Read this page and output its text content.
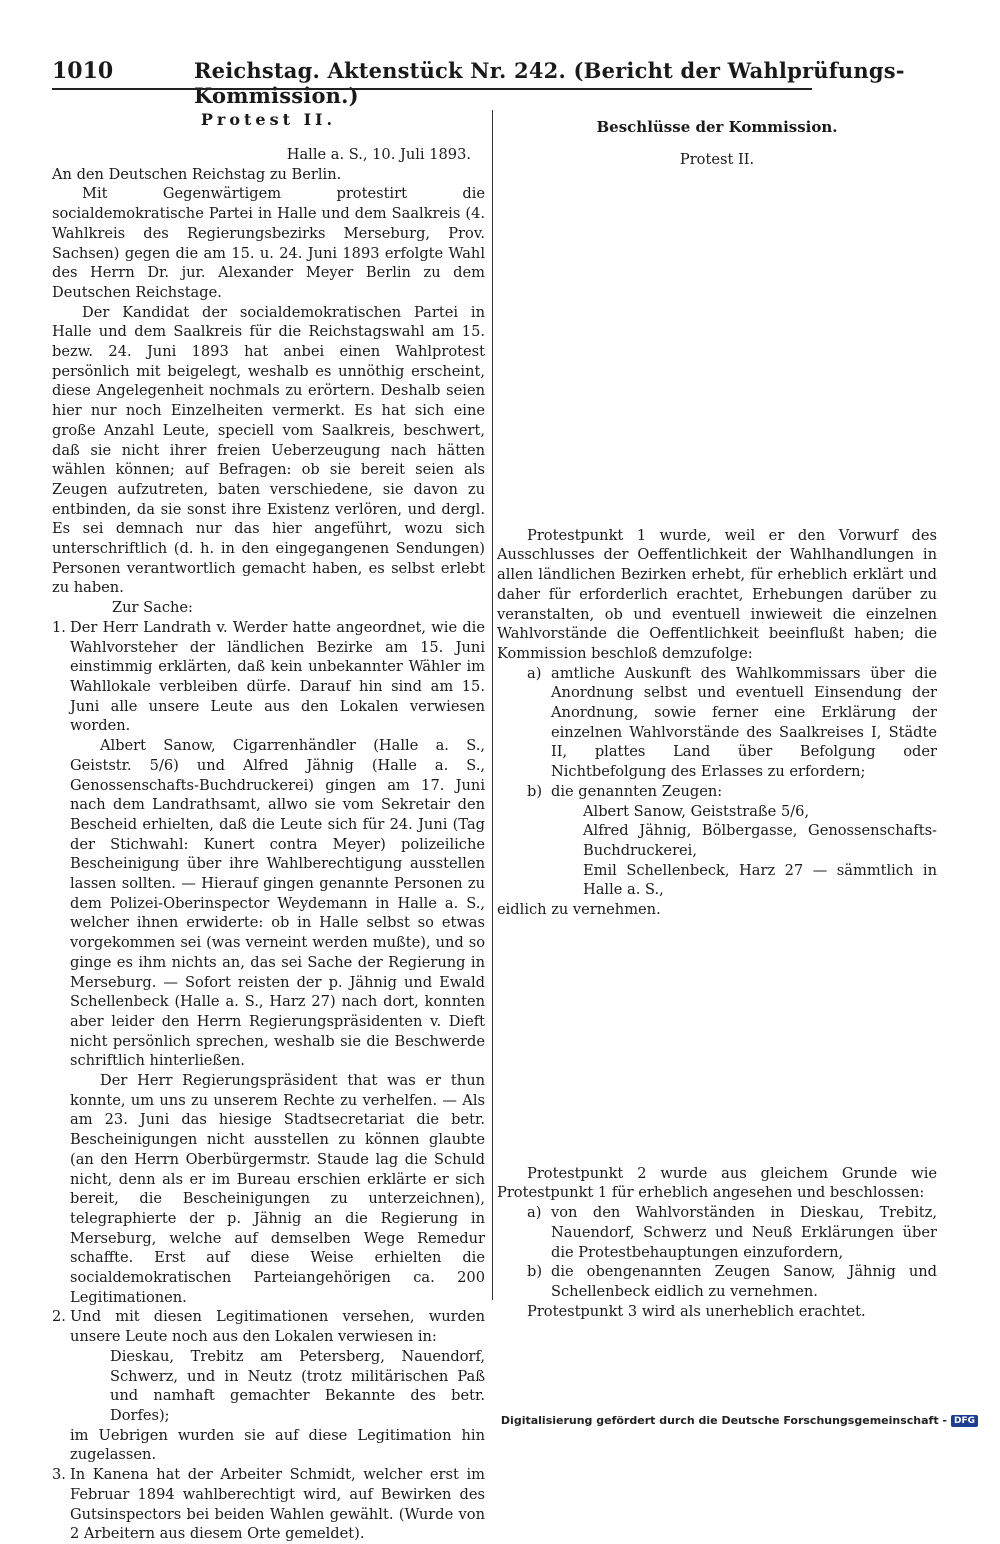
1010	Reichstag. Aktenstück Nr. 242. (Bericht der Wahlprüfungs-Kommission.)

Protest II.

Halle a. S., 10. Juli 1893.

An den Deutschen Reichstag zu Berlin.

Mit Gegenwärtigem protestirt die socialdemokratische Partei in Halle und dem Saalkreis (4. Wahlkreis des Regierungsbezirks Merseburg, Prov. Sachsen) gegen die am 15. u. 24. Juni 1893 erfolgte Wahl des Herrn Dr. jur. Alexander Meyer Berlin zu dem Deutschen Reichstage.

Der Kandidat der socialdemokratischen Partei in Halle und dem Saalkreis für die Reichstagswahl am 15. bezw. 24. Juni 1893 hat anbei einen Wahlprotest persönlich mit beigelegt, weshalb es unnöthig erscheint, diese Angelegenheit nochmals zu erörtern. Deshalb seien hier nur noch Einzelheiten vermerkt. Es hat sich eine große Anzahl Leute, speciell vom Saalkreis, beschwert, daß sie nicht ihrer freien Ueberzeugung nach hätten wählen können; auf Befragen: ob sie bereit seien als Zeugen aufzutreten, baten verschiedene, sie davon zu entbinden, da sie sonst ihre Existenz verlören, und dergl. Es sei demnach nur das hier angeführt, wozu sich unterschriftlich (d. h. in den eingegangenen Sendungen) Personen verantwortlich gemacht haben, es selbst erlebt zu haben.

Zur Sache:

1. Der Herr Landrath v. Werder hatte angeordnet, wie die Wahlvorsteher der ländlichen Bezirke am 15. Juni einstimmig erklärten, daß kein unbekannter Wähler im Wahllokale verbleiben dürfe. Darauf hin sind am 15. Juni alle unsere Leute aus den Lokalen verwiesen worden.

Albert Sanow, Cigarrenhändler (Halle a. S., Geiststr. 5/6) und Alfred Jähnig (Halle a. S., Genossenschafts-Buchdruckerei) gingen am 17. Juni nach dem Landrathsamt, allwo sie vom Sekretair den Bescheid erhielten, daß die Leute sich für 24. Juni (Tag der Stichwahl: Kunert contra Meyer) polizeiliche Bescheinigung über ihre Wahlberechtigung ausstellen lassen sollten. — Hierauf gingen genannte Personen zu dem Polizei-Oberinspector Weydemann in Halle a. S., welcher ihnen erwiderte: ob in Halle selbst so etwas vorgekommen sei (was verneint werden mußte), und so ginge es ihm nichts an, das sei Sache der Regierung in Merseburg. — Sofort reisten der p. Jähnig und Ewald Schellenbeck (Halle a. S., Harz 27) nach dort, konnten aber leider den Herrn Regierungspräsidenten v. Dieft nicht persönlich sprechen, weshalb sie die Beschwerde schriftlich hinterließen.

Der Herr Regierungspräsident that was er thun konnte, um uns zu unserem Rechte zu verhelfen. — Als am 23. Juni das hiesige Stadtsecretariat die betr. Bescheinigungen nicht ausstellen zu können glaubte (an den Herrn Oberbürgermstr. Staude lag die Schuld nicht, denn als er im Bureau erschien erklärte er sich bereit, die Bescheinigungen zu unterzeichnen), telegraphierte der p. Jähnig an die Regierung in Merseburg, welche auf demselben Wege Remedur schaffte. Erst auf diese Weise erhielten die socialdemokratischen Parteiangehörigen ca. 200 Legitimationen.

2. Und mit diesen Legitimationen versehen, wurden unsere Leute noch aus den Lokalen verwiesen in:

Dieskau, Trebitz am Petersberg, Nauendorf, Schwerz, und in Neutz (trotz militärischen Paß und namhaft gemachter Bekannte des betr. Dorfes);

im Uebrigen wurden sie auf diese Legitimation hin zugelassen.

3. In Kanena hat der Arbeiter Schmidt, welcher erst im Februar 1894 wahlberechtigt wird, auf Bewirken des Gutsinspectors bei beiden Wahlen gewählt. (Wurde von 2 Arbeitern aus diesem Orte gemeldet).

Beschlüsse der Kommission.

Protest II.

Protestpunkt 1 wurde, weil er den Vorwurf des Ausschlusses der Oeffentlichkeit der Wahlhandlungen in allen ländlichen Bezirken erhebt, für erheblich erklärt und daher für erforderlich erachtet, Erhebungen darüber zu veranstalten, ob und eventuell inwieweit die einzelnen Wahlvorstände die Oeffentlichkeit beeinflußt haben; die Kommission beschloß demzufolge:

a) amtliche Auskunft des Wahlkommissars über die Anordnung selbst und eventuell Einsendung der Anordnung, sowie ferner eine Erklärung der einzelnen Wahlvorstände des Saalkreises I, Städte II, plattes Land über Befolgung oder Nichtbefolgung des Erlasses zu erfordern;

b) die genannten Zeugen:

Albert Sanow, Geiststraße 5/6,

Alfred Jähnig, Bölbergasse, Genossenschafts-Buchdruckerei,

Emil Schellenbeck, Harz 27 — sämmtlich in Halle a. S.,

eidlich zu vernehmen.

Protestpunkt 2 wurde aus gleichem Grunde wie Protestpunkt 1 für erheblich angesehen und beschlossen:

a) von den Wahlvorständen in Dieskau, Trebitz, Nauendorf, Schwerz und Neuß Erklärungen über die Protestbehauptungen einzufordern,

b) die obengenannten Zeugen Sanow, Jähnig und Schellenbeck eidlich zu vernehmen.

Protestpunkt 3 wird als unerheblich erachtet.

Digitalisierung gefördert durch die Deutsche Forschungsgemeinschaft - DFG
